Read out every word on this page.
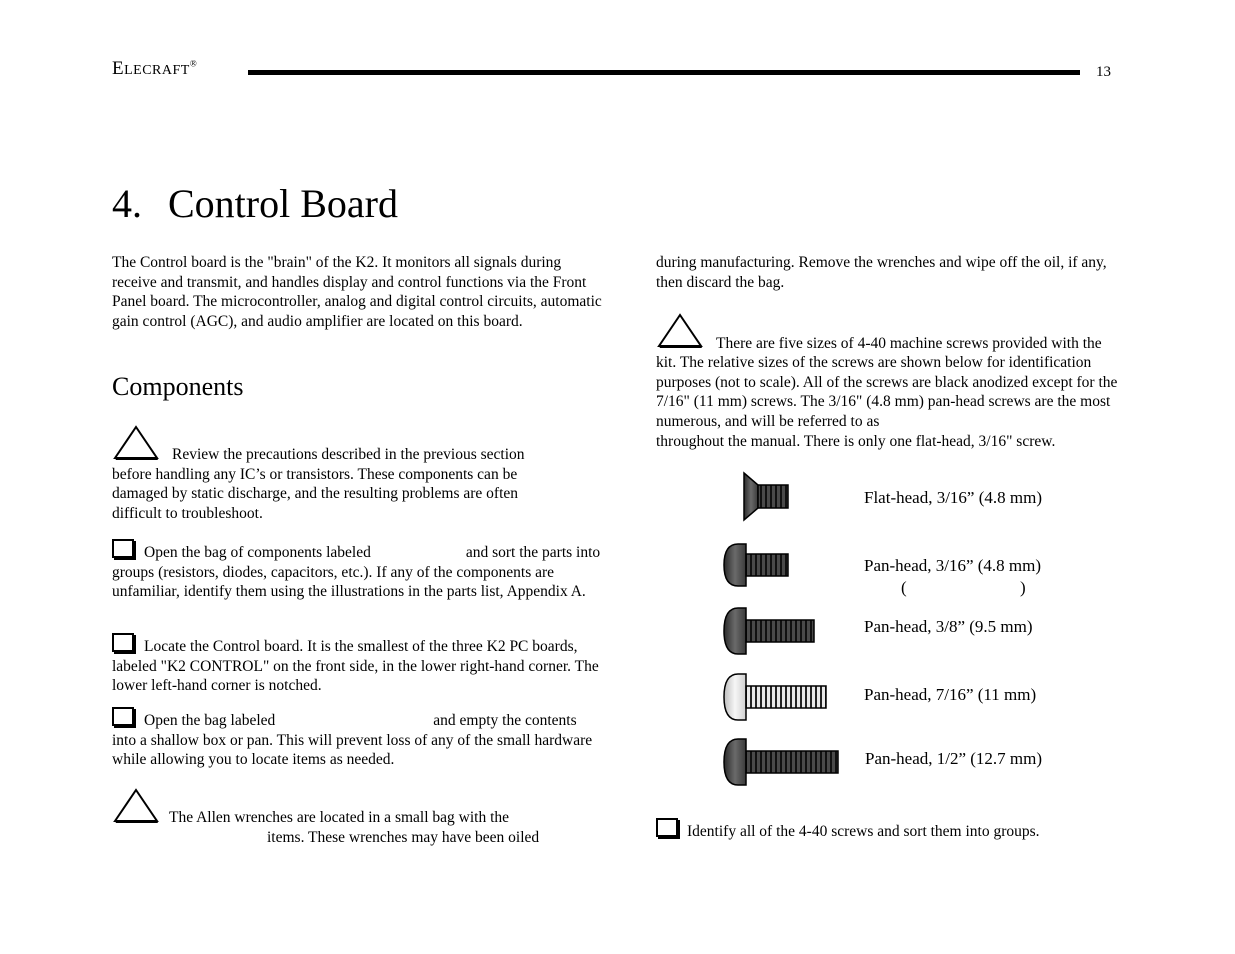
ELECRAFT®
13
4. Control Board
The Control board is the "brain" of the K2. It monitors all signals during receive and transmit, and handles display and control functions via the Front Panel board. The microcontroller, analog and digital control circuits, automatic gain control (AGC), and audio amplifier are located on this board.
Components
Review the precautions described in the previous section before handling any IC’s or transistors. These components can be damaged by static discharge, and the resulting problems are often difficult to troubleshoot.
Open the bag of components labeled	and sort the parts into groups (resistors, diodes, capacitors, etc.). If any of the components are unfamiliar, identify them using the illustrations in the parts list, Appendix A.
Locate the Control board. It is the smallest of the three K2 PC boards, labeled "K2 CONTROL" on the front side, in the lower right-hand corner. The lower left-hand corner is notched.
Open the bag labeled	and empty the contents into a shallow box or pan. This will prevent loss of any of the small hardware while allowing you to locate items as needed.
The Allen wrenches are located in a small bag with the
items. These wrenches may have been oiled
during manufacturing. Remove the wrenches and wipe off the oil, if any, then discard the bag.
There are five sizes of 4-40 machine screws provided with the
kit. The relative sizes of the screws are shown below for identification purposes (not to scale). All of the screws are black anodized except for the 7/16" (11 mm) screws. The 3/16" (4.8 mm) pan-head screws are the most numerous, and will be referred to as
throughout the manual. There is only one flat-head, 3/16" screw.
Flat-head, 3/16” (4.8 mm)
Pan-head, 3/16” (4.8 mm)
(	)
Pan-head, 3/8” (9.5 mm)
Pan-head, 7/16” (11 mm)
Pan-head, 1/2” (12.7 mm)
Identify all of the 4-40 screws and sort them into groups.
